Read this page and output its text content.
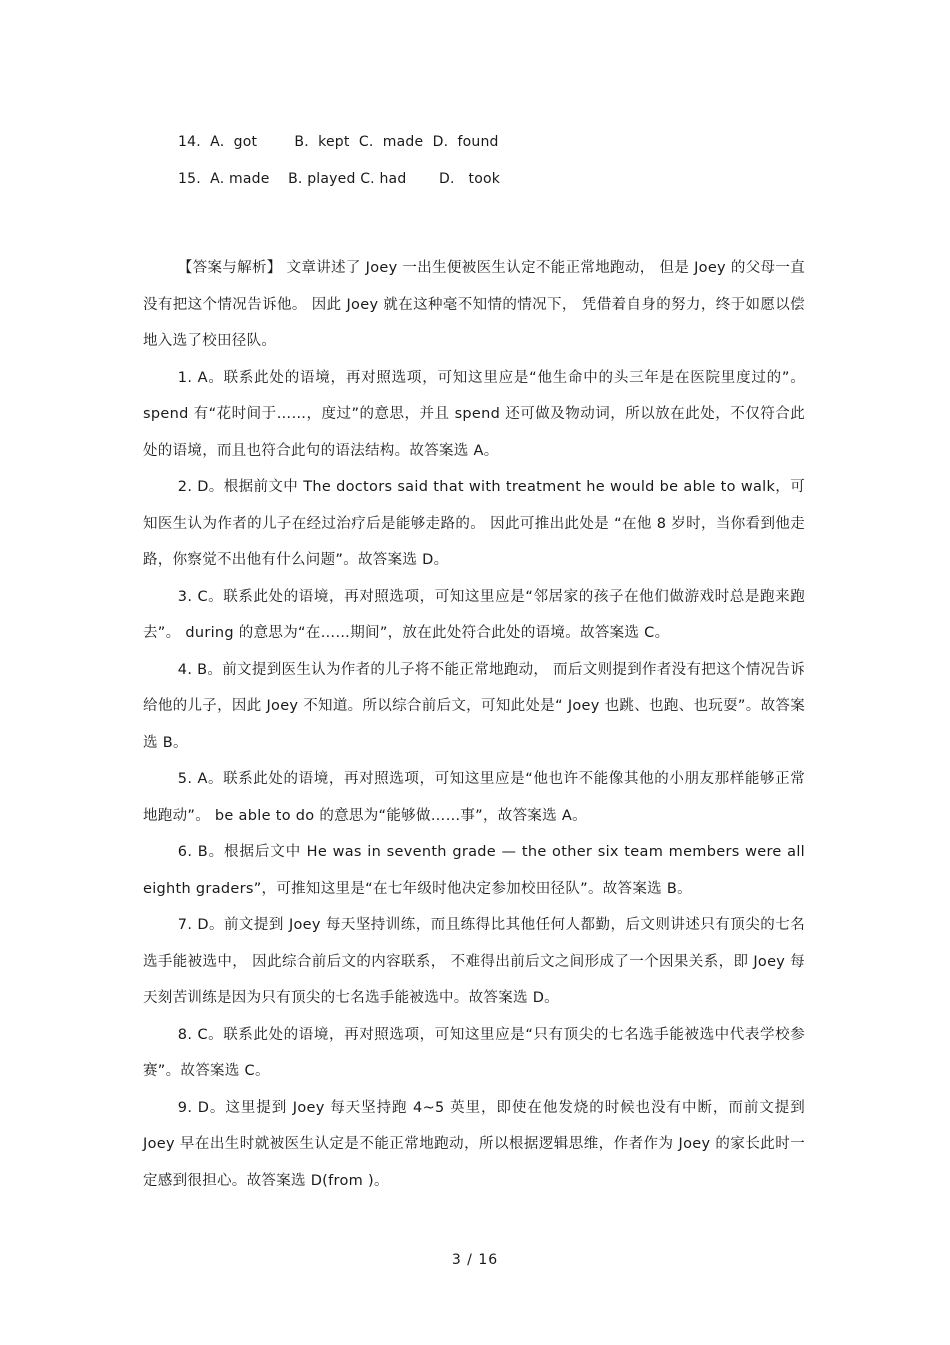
14.  A.  got        B.  kept  C.  made  D.  found
15.  A. made    B. played C. had       D.   took

【答案与解析】 文章讲述了 Joey 一出生便被医生认定不能正常地跑动， 但是 Joey 的父母一直没有把这个情况告诉他。 因此 Joey 就在这种毫不知情的情况下， 凭借着自身的努力，终于如愿以偿地入选了校田径队。

1. A。联系此处的语境，再对照选项，可知这里应是“他生命中的头三年是在医院里度过的”。 spend 有“花时间于……，度过”的意思，并且 spend 还可做及物动词，所以放在此处，不仅符合此处的语境，而且也符合此句的语法结构。故答案选 A。

2. D。根据前文中 The doctors said that with treatment he would be able to walk，可知医生认为作者的儿子在经过治疗后是能够走路的。 因此可推出此处是 “在他 8 岁时，当你看到他走路，你察觉不出他有什么问题”。故答案选 D。

3. C。联系此处的语境，再对照选项，可知这里应是“邻居家的孩子在他们做游戏时总是跑来跑去”。 during 的意思为“在……期间”，放在此处符合此处的语境。故答案选 C。

4. B。前文提到医生认为作者的儿子将不能正常地跑动， 而后文则提到作者没有把这个情况告诉给他的儿子，因此 Joey 不知道。所以综合前后文，可知此处是“ Joey 也跳、也跑、也玩耍”。故答案选 B。

5. A。联系此处的语境，再对照选项，可知这里应是“他也许不能像其他的小朋友那样能够正常地跑动”。 be able to do 的意思为“能够做……事”，故答案选 A。

6. B。根据后文中 He was in seventh grade — the other six team members were all eighth graders”，可推知这里是“在七年级时他决定参加校田径队”。故答案选 B。

7. D。前文提到 Joey 每天坚持训练，而且练得比其他任何人都勤，后文则讲述只有顶尖的七名选手能被选中， 因此综合前后文的内容联系， 不难得出前后文之间形成了一个因果关系，即 Joey 每天刻苦训练是因为只有顶尖的七名选手能被选中。故答案选 D。

8. C。联系此处的语境，再对照选项，可知这里应是“只有顶尖的七名选手能被选中代表学校参赛”。故答案选 C。

9. D。这里提到 Joey 每天坚持跑 4~5 英里，即使在他发烧的时候也没有中断，而前文提到 Joey 早在出生时就被医生认定是不能正常地跑动，所以根据逻辑思维，作者作为 Joey 的家长此时一定感到很担心。故答案选 D(from )。

3 / 16
